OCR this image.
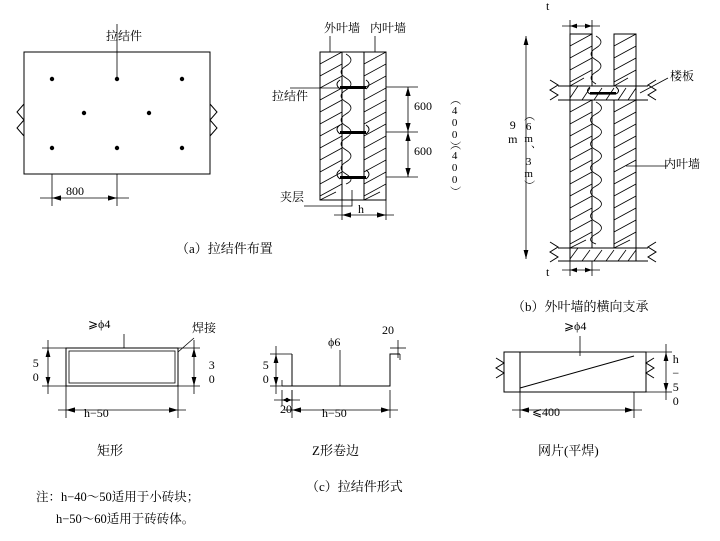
拉结件
800
（a）拉结件布置
外叶墙 内叶墙
拉结件
夹层
600
600 （400）
（400）
h
t
t
9m （6m、3m）
楼板
内叶墙
（b）外叶墙的横向支承
⩾ϕ4	焊接
50	30
h−50
矩形
ϕ6
20
50
20	h−50
Z形卷边
⩾ϕ4
h−50
⩽400
网片(平焊)
（c）拉结件形式
注：h−40～50适用于小砖块；
h−50～60适用于砖砖体。
